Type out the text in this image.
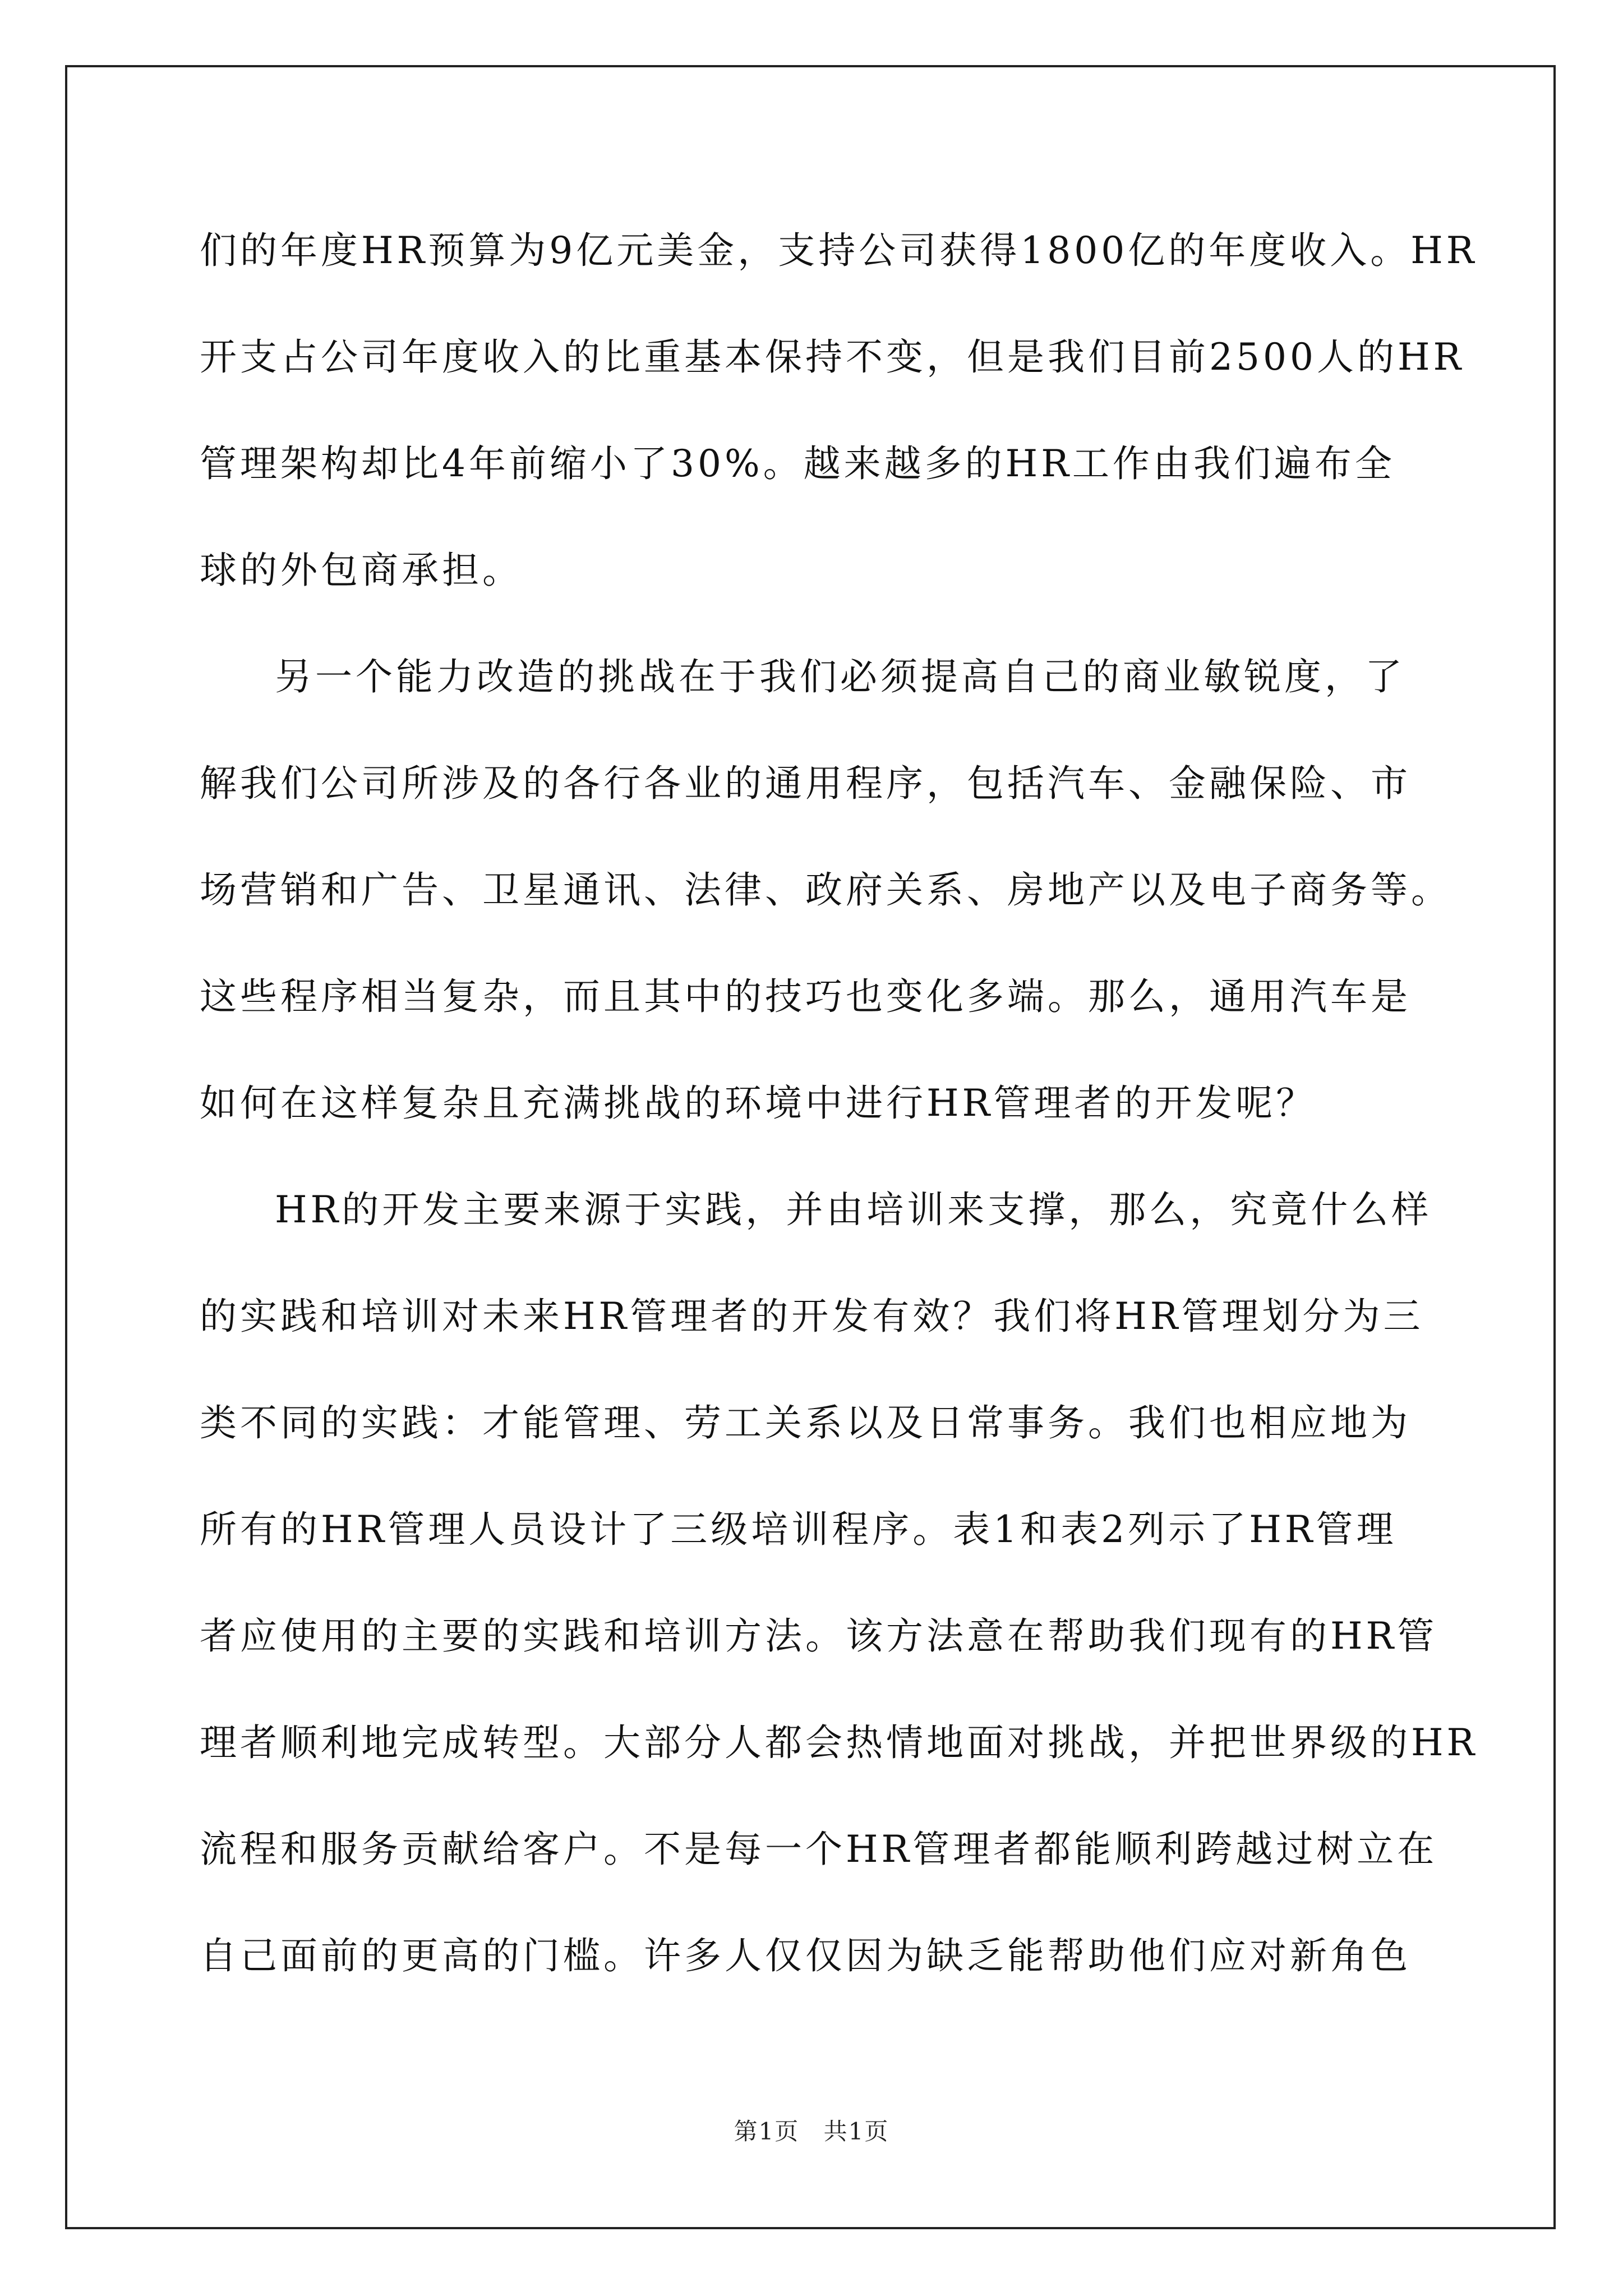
们的年度HR预算为9亿元美金，支持公司获得1800亿的年度收入。HR
开支占公司年度收入的比重基本保持不变，但是我们目前2500人的HR
管理架构却比4年前缩小了30%。越来越多的HR工作由我们遍布全
球的外包商承担。
另一个能力改造的挑战在于我们必须提高自己的商业敏锐度，了
解我们公司所涉及的各行各业的通用程序，包括汽车、金融保险、市
场营销和广告、卫星通讯、法律、政府关系、房地产以及电子商务等。
这些程序相当复杂，而且其中的技巧也变化多端。那么，通用汽车是
如何在这样复杂且充满挑战的环境中进行HR管理者的开发呢？
HR的开发主要来源于实践，并由培训来支撑，那么，究竟什么样
的实践和培训对未来HR管理者的开发有效？我们将HR管理划分为三
类不同的实践：才能管理、劳工关系以及日常事务。我们也相应地为
所有的HR管理人员设计了三级培训程序。表1和表2列示了HR管理
者应使用的主要的实践和培训方法。该方法意在帮助我们现有的HR管
理者顺利地完成转型。大部分人都会热情地面对挑战，并把世界级的HR
流程和服务贡献给客户。不是每一个HR管理者都能顺利跨越过树立在
自己面前的更高的门槛。许多人仅仅因为缺乏能帮助他们应对新角色
第1页 共1页
